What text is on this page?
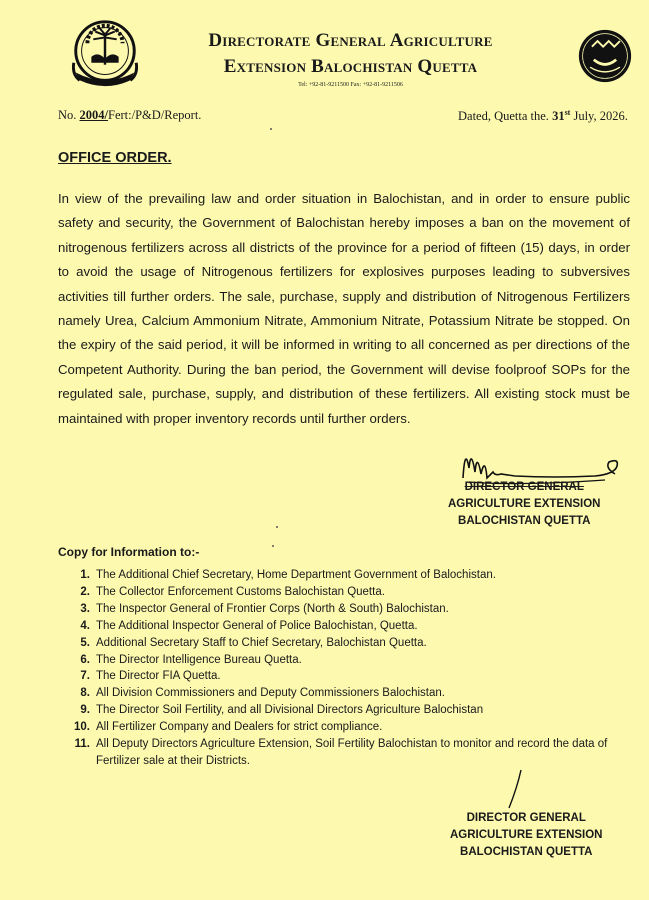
Directorate General Agriculture
Extension Balochistan Quetta
Tel: +92-81-9211500 Fax: +92-81-9211506
No. 2004/Fert:/P&D/Report.	Dated, Quetta the. 31st July, 2026.
OFFICE ORDER.
In view of the prevailing law and order situation in Balochistan, and in order to ensure public safety and security, the Government of Balochistan hereby imposes a ban on the movement of nitrogenous fertilizers across all districts of the province for a period of fifteen (15) days, in order to avoid the usage of Nitrogenous fertilizers for explosives purposes leading to subversives activities till further orders. The sale, purchase, supply and distribution of Nitrogenous Fertilizers namely Urea, Calcium Ammonium Nitrate, Ammonium Nitrate, Potassium Nitrate be stopped. On the expiry of the said period, it will be informed in writing to all concerned as per directions of the Competent Authority. During the ban period, the Government will devise foolproof SOPs for the regulated sale, purchase, supply, and distribution of these fertilizers. All existing stock must be maintained with proper inventory records until further orders.
DIRECTOR GENERAL
AGRICULTURE EXTENSION
BALOCHISTAN QUETTA
Copy for Information to:-
1. The Additional Chief Secretary, Home Department Government of Balochistan.
2. The Collector Enforcement Customs Balochistan Quetta.
3. The Inspector General of Frontier Corps (North & South) Balochistan.
4. The Additional Inspector General of Police Balochistan, Quetta.
5. Additional Secretary Staff to Chief Secretary, Balochistan Quetta.
6. The Director Intelligence Bureau Quetta.
7. The Director FIA Quetta.
8. All Division Commissioners and Deputy Commissioners Balochistan.
9. The Director Soil Fertility, and all Divisional Directors Agriculture Balochistan
10. All Fertilizer Company and Dealers for strict compliance.
11. All Deputy Directors Agriculture Extension, Soil Fertility Balochistan to monitor and record the data of Fertilizer sale at their Districts.
DIRECTOR GENERAL
AGRICULTURE EXTENSION
BALOCHISTAN QUETTA
